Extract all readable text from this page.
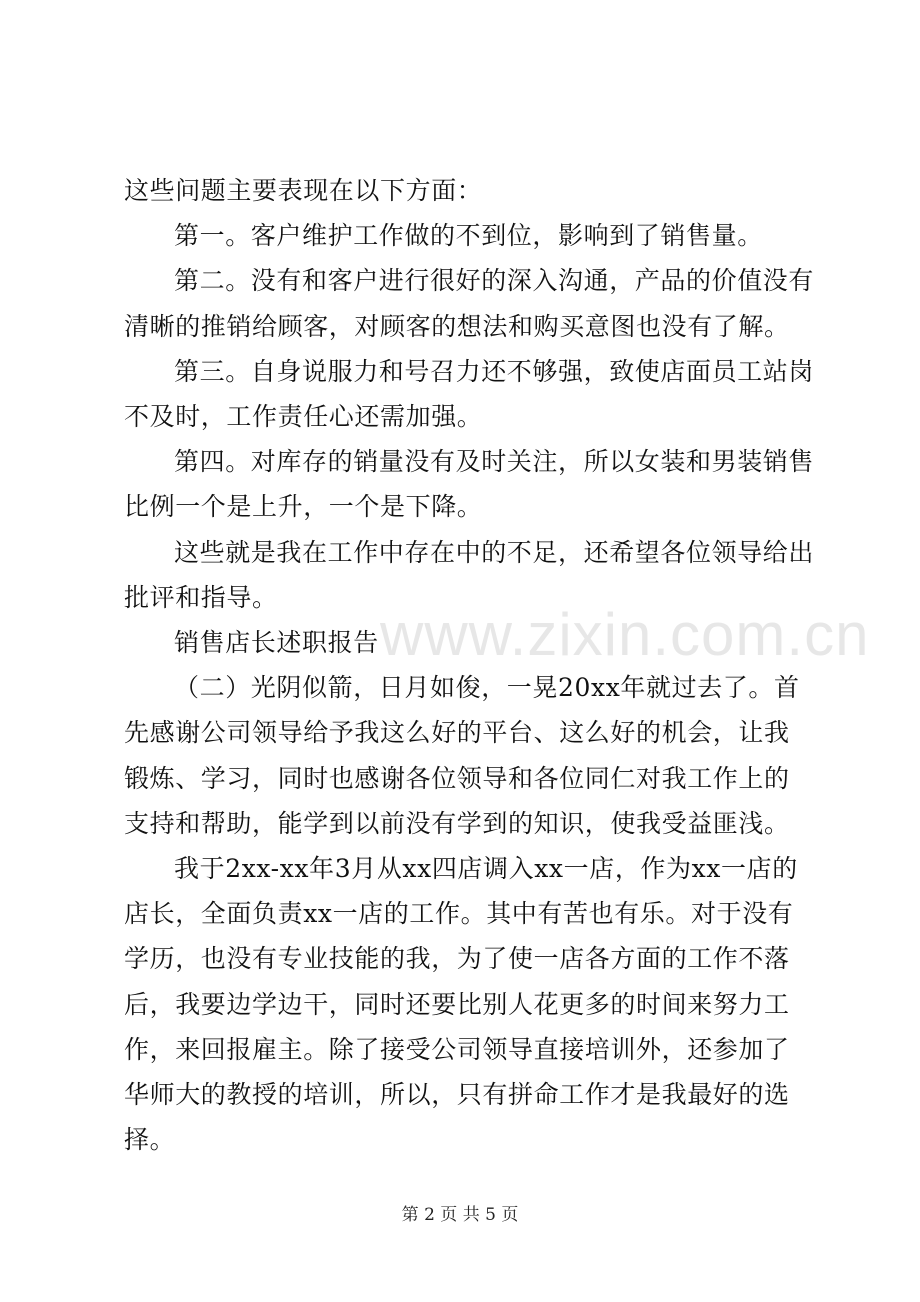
这些问题主要表现在以下方面：

第一。客户维护工作做的不到位，影响到了销售量。

第二。没有和客户进行很好的深入沟通，产品的价值没有清晰的推销给顾客，对顾客的想法和购买意图也没有了解。

第三。自身说服力和号召力还不够强，致使店面员工站岗不及时，工作责任心还需加强。

第四。对库存的销量没有及时关注，所以女装和男装销售比例一个是上升，一个是下降。

这些就是我在工作中存在中的不足，还希望各位领导给出批评和指导。

销售店长述职报告

（二）光阴似箭，日月如俊，一晃20xx年就过去了。首先感谢公司领导给予我这么好的平台、这么好的机会，让我锻炼、学习，同时也感谢各位领导和各位同仁对我工作上的支持和帮助，能学到以前没有学到的知识，使我受益匪浅。

我于2xx-xx年3月从xx四店调入xx一店，作为xx一店的店长，全面负责xx一店的工作。其中有苦也有乐。对于没有学历，也没有专业技能的我，为了使一店各方面的工作不落后，我要边学边干，同时还要比别人花更多的时间来努力工作，来回报雇主。除了接受公司领导直接培训外，还参加了华师大的教授的培训，所以，只有拼命工作才是我最好的选择。

www.zixin.com.cn
第 2 页 共 5 页
